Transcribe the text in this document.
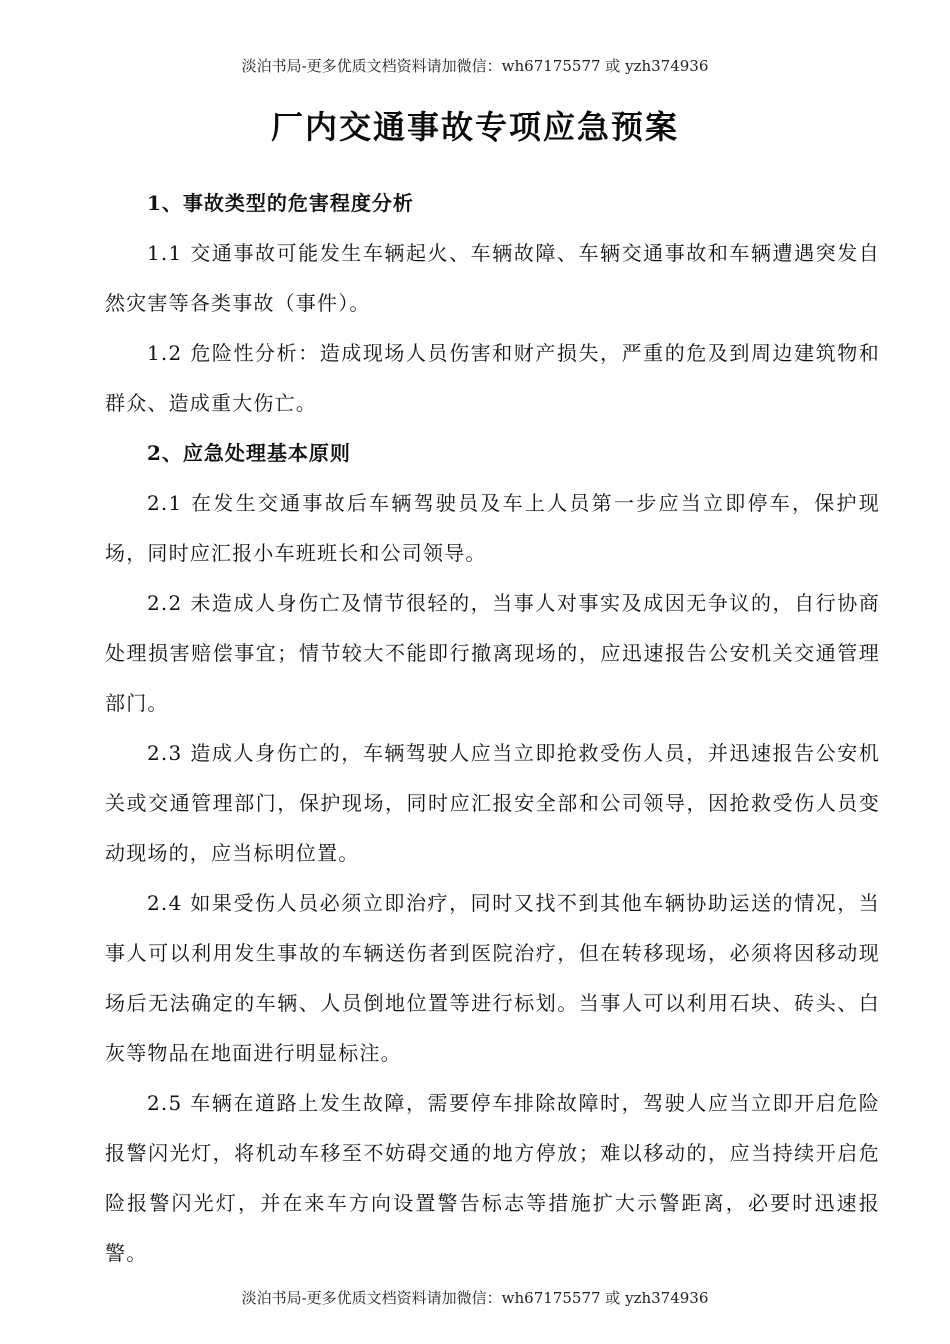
淡泊书局-更多优质文档资料请加微信：wh67175577 或 yzh374936
厂内交通事故专项应急预案
1、事故类型的危害程度分析

1.1 交通事故可能发生车辆起火、车辆故障、车辆交通事故和车辆遭遇突发自然灾害等各类事故（事件）。

1.2 危险性分析：造成现场人员伤害和财产损失，严重的危及到周边建筑物和群众、造成重大伤亡。

2、应急处理基本原则

2.1 在发生交通事故后车辆驾驶员及车上人员第一步应当立即停车，保护现场，同时应汇报小车班班长和公司领导。

2.2 未造成人身伤亡及情节很轻的，当事人对事实及成因无争议的，自行协商处理损害赔偿事宜；情节较大不能即行撤离现场的，应迅速报告公安机关交通管理部门。

2.3 造成人身伤亡的，车辆驾驶人应当立即抢救受伤人员，并迅速报告公安机关或交通管理部门，保护现场，同时应汇报安全部和公司领导，因抢救受伤人员变动现场的，应当标明位置。

2.4 如果受伤人员必须立即治疗，同时又找不到其他车辆协助运送的情况，当事人可以利用发生事故的车辆送伤者到医院治疗，但在转移现场，必须将因移动现场后无法确定的车辆、人员倒地位置等进行标划。当事人可以利用石块、砖头、白灰等物品在地面进行明显标注。

2.5 车辆在道路上发生故障，需要停车排除故障时，驾驶人应当立即开启危险报警闪光灯，将机动车移至不妨碍交通的地方停放；难以移动的，应当持续开启危险报警闪光灯，并在来车方向设置警告标志等措施扩大示警距离，必要时迅速报警。

淡泊书局-更多优质文档资料请加微信：wh67175577 或 yzh374936
